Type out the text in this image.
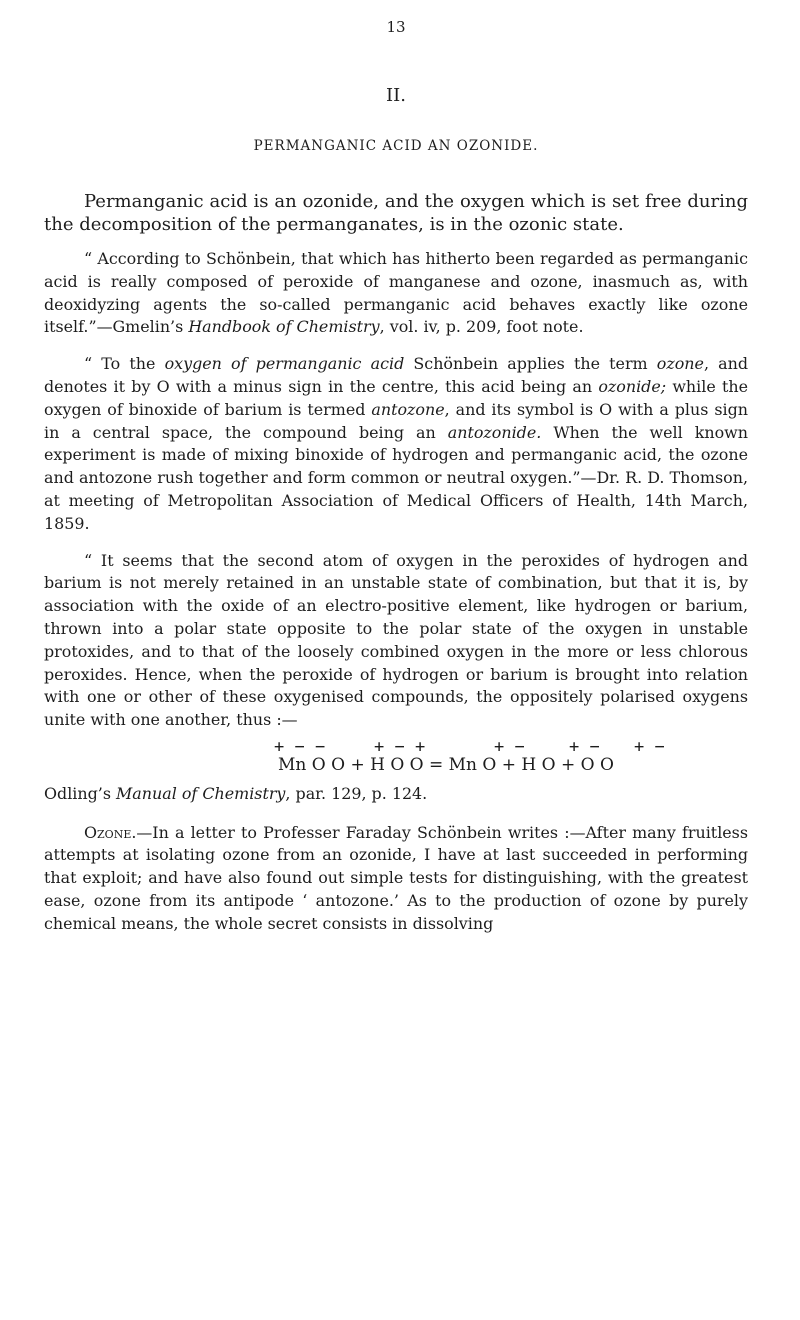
13
II.
PERMANGANIC ACID AN OZONIDE.

Permanganic acid is an ozonide, and the oxygen which is set free during the decomposition of the permanganates, is in the ozonic state.

“ According to Schönbein, that which has hitherto been regarded as permanganic acid is really composed of peroxide of manganese and ozone, inasmuch as, with deoxidyzing agents the so-called permanganic acid behaves exactly like ozone itself.”—Gmelin’s Handbook of Chemistry, vol. iv, p. 209, foot note.

“ To the oxygen of permanganic acid Schönbein applies the term ozone, and denotes it by O with a minus sign in the centre, this acid being an ozonide; while the oxygen of binoxide of barium is termed antozone, and its symbol is O with a plus sign in a central space, the compound being an antozonide. When the well known experiment is made of mixing binoxide of hydrogen and permanganic acid, the ozone and antozone rush together and form common or neutral oxygen.”—Dr. R. D. Thomson, at meeting of Metropolitan Association of Medical Officers of Health, 14th March, 1859.

“ It seems that the second atom of oxygen in the peroxides of hydrogen and barium is not merely retained in an unstable state of combination, but that it is, by association with the oxide of an electro-positive element, like hydrogen or barium, thrown into a polar state opposite to the polar state of the oxygen in unstable protoxides, and to that of the loosely combined oxygen in the more or less chlorous peroxides. Hence, when the peroxide of hydrogen or barium is brought into relation with one or other of these oxygenised compounds, the oppositely polarised oxygens unite with one another, thus :—

+ − −	+ − +	+ −	+ − + −
Mn O O + H O O = Mn O + H O + O O

Odling’s Manual of Chemistry, par. 129, p. 124.

Ozone.—In a letter to Professer Faraday Schönbein writes :—After many fruitless attempts at isolating ozone from an ozonide, I have at last succeeded in performing that exploit; and have also found out simple tests for distinguishing, with the greatest ease, ozone from its antipode ‘ antozone.’ As to the production of ozone by purely chemical means, the whole secret consists in dissolving
